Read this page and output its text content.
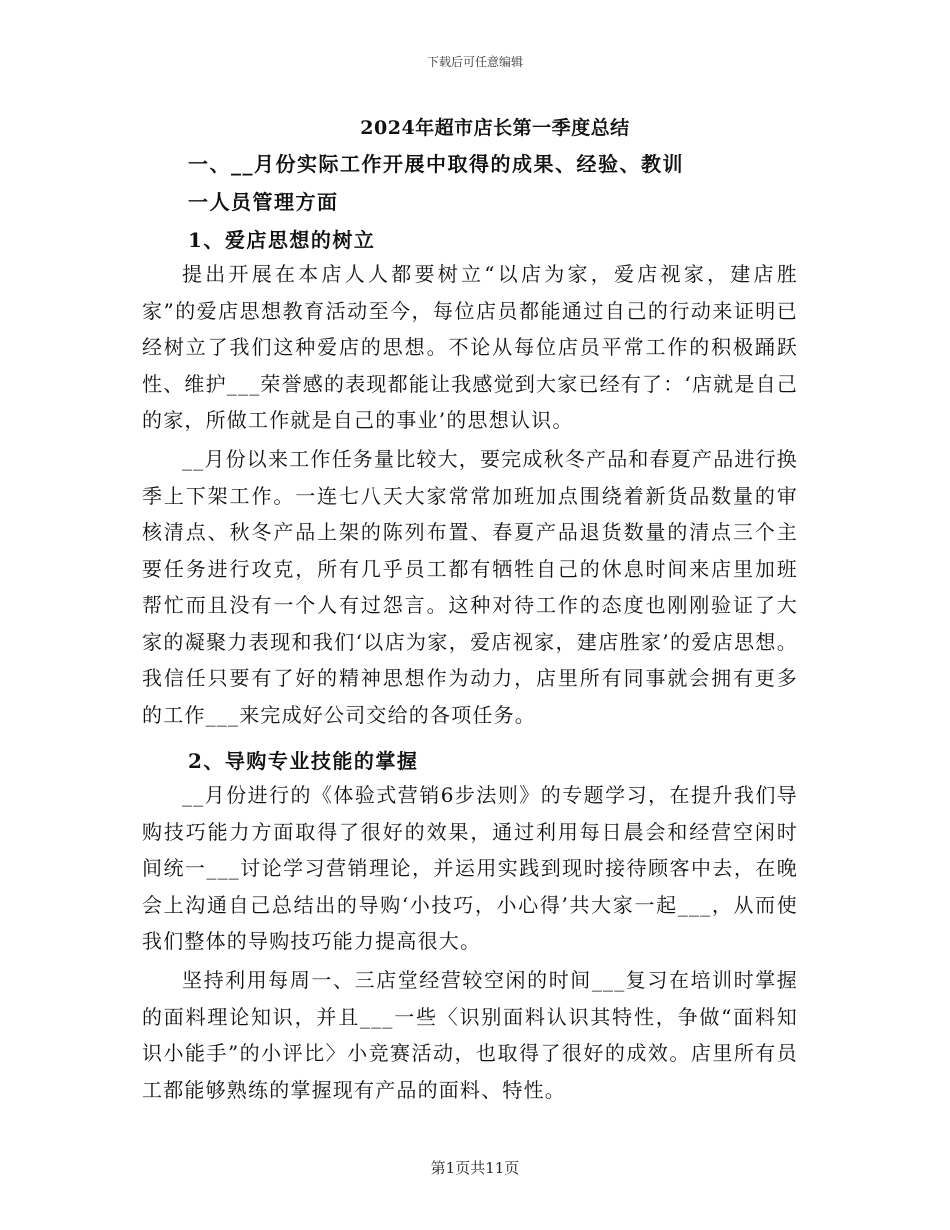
下载后可任意编辑
2024年超市店长第一季度总结
一、__月份实际工作开展中取得的成果、经验、教训
一人员管理方面
1、爱店思想的树立

提出开展在本店人人都要树立“以店为家，爱店视家，建店胜家”的爱店思想教育活动至今，每位店员都能通过自己的行动来证明已经树立了我们这种爱店的思想。不论从每位店员平常工作的积极踊跃性、维护___荣誉感的表现都能让我感觉到大家已经有了：‘店就是自己的家，所做工作就是自己的事业’的思想认识。

__月份以来工作任务量比较大，要完成秋冬产品和春夏产品进行换季上下架工作。一连七八天大家常常加班加点围绕着新货品数量的审核清点、秋冬产品上架的陈列布置、春夏产品退货数量的清点三个主要任务进行攻克，所有几乎员工都有牺牲自己的休息时间来店里加班帮忙而且没有一个人有过怨言。这种对待工作的态度也刚刚验证了大家的凝聚力表现和我们‘以店为家，爱店视家，建店胜家’的爱店思想。我信任只要有了好的精神思想作为动力，店里所有同事就会拥有更多的工作___来完成好公司交给的各项任务。

2、导购专业技能的掌握

__月份进行的《体验式营销6步法则》的专题学习，在提升我们导购技巧能力方面取得了很好的效果，通过利用每日晨会和经营空闲时间统一___讨论学习营销理论，并运用实践到现时接待顾客中去，在晚会上沟通自己总结出的导购‘小技巧，小心得’共大家一起___，从而使我们整体的导购技巧能力提高很大。

坚持利用每周一、三店堂经营较空闲的时间___复习在培训时掌握的面料理论知识，并且___一些〈识别面料认识其特性，争做“面料知识小能手”的小评比〉小竞赛活动，也取得了很好的成效。店里所有员工都能够熟练的掌握现有产品的面料、特性。

第1页共11页
